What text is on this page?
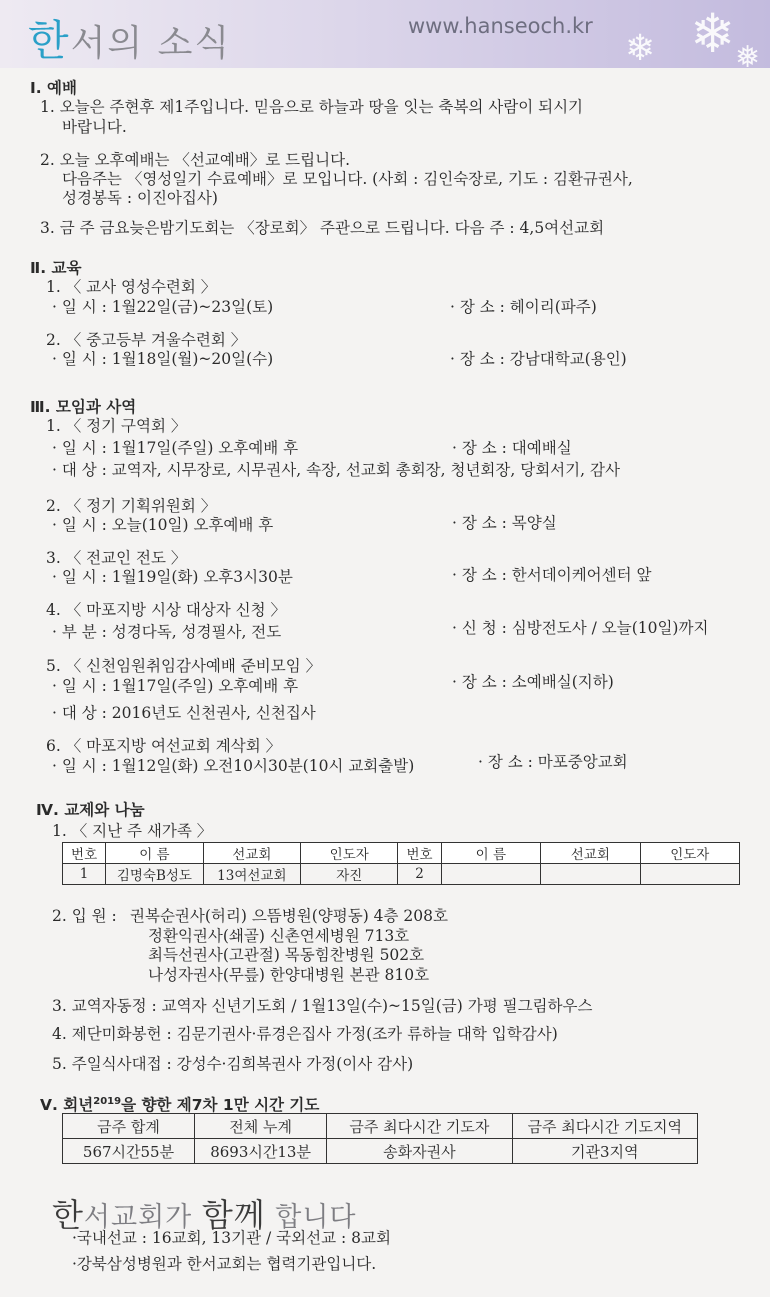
한서의 소식	www.hanseoch.kr ❄
❄	❅
Ⅰ. 예배
1. 오늘은 주현후 제1주입니다. 믿음으로 하늘과 땅을 잇는 축복의 사람이 되시기
바랍니다.
2. 오늘 오후예배는 〈선교예배〉로 드립니다.
다음주는 〈영성일기 수료예배〉로 모입니다. (사회 : 김인숙장로, 기도 : 김환규권사,
성경봉독 : 이진아집사)
3. 금 주 금요늦은밤기도회는 〈장로회〉 주관으로 드립니다. 다음 주 : 4,5여선교회
Ⅱ. 교육
1. 〈 교사 영성수련회 〉
· 일 시 : 1월22일(금)~23일(토)	· 장 소 : 헤이리(파주)
2. 〈 중고등부 겨울수련회 〉
· 일 시 : 1월18일(월)~20일(수)	· 장 소 : 강남대학교(용인)
Ⅲ. 모임과 사역
1. 〈 정기 구역회 〉
· 일 시 : 1월17일(주일) 오후예배 후	· 장 소 : 대예배실
· 대 상 : 교역자, 시무장로, 시무권사, 속장, 선교회 총회장, 청년회장, 당회서기, 감사
2. 〈 정기 기획위원회 〉
· 일 시 : 오늘(10일) 오후예배 후	· 장 소 : 목양실
3. 〈 전교인 전도 〉
· 일 시 : 1월19일(화) 오후3시30분	· 장 소 : 한서데이케어센터 앞
4. 〈 마포지방 시상 대상자 신청 〉
· 부 분 : 성경다독, 성경필사, 전도	· 신 청 : 심방전도사 / 오늘(10일)까지
5. 〈 신천임원취임감사예배 준비모임 〉
· 일 시 : 1월17일(주일) 오후예배 후	· 장 소 : 소예배실(지하)
· 대 상 : 2016년도 신천권사, 신천집사
6. 〈 마포지방 여선교회 계삭회 〉
· 일 시 : 1월12일(화) 오전10시30분(10시 교회출발)	· 장 소 : 마포중앙교회
Ⅳ. 교제와 나눔
1. 〈 지난 주 새가족 〉
번호	이 름	선교회	인도자	번호	이 름	선교회	인도자
1	김명숙B성도	13여선교회	자진	2			
2. 입 원 : 권복순권사(허리) 으뜸병원(양평동) 4층 208호
정환익권사(쇄골) 신촌연세병원 713호
최득선권사(고관절) 목동힘찬병원 502호
나성자권사(무릎) 한양대병원 본관 810호
3. 교역자동정 : 교역자 신년기도회 / 1월13일(수)~15일(금) 가평 필그림하우스
4. 제단미화봉헌 : 김문기권사·류경은집사 가정(조카 류하늘 대학 입학감사)
5. 주일식사대접 : 강성수·김희복권사 가정(이사 감사)
Ⅴ. 회년$^{2019}$을 향한 제7차 1만 시간 기도
금주 합계	전체 누계	금주 최다시간 기도자	금주 최다시간 기도지역
567시간55분	8693시간13분	송화자권사	기관3지역
한서교회가 함께 합니다
·국내선교 : 16교회, 13기관 / 국외선교 : 8교회
·강북삼성병원과 한서교회는 협력기관입니다.
